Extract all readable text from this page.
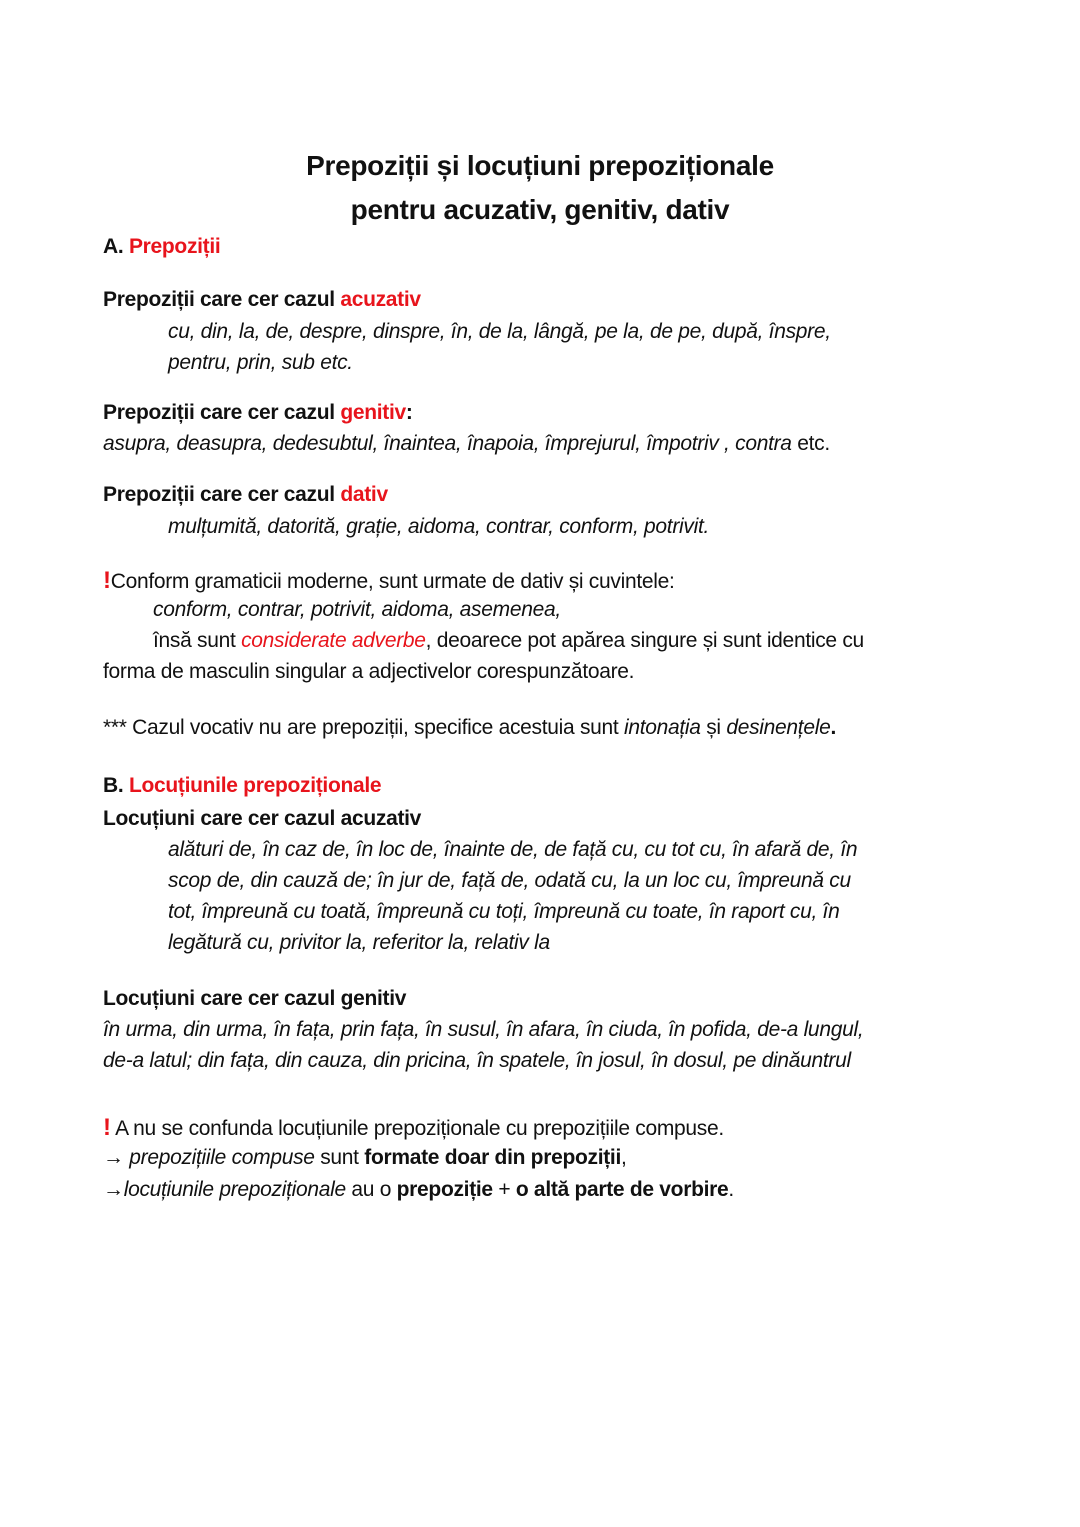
Prepoziții și locuțiuni prepoziționale
pentru acuzativ, genitiv, dativ
A. Prepoziții
Prepoziții care cer cazul acuzativ
cu, din, la, de, despre, dinspre, în, de la, lângă, pe la, de pe, după, înspre,
pentru, prin, sub etc.
Prepoziții care cer cazul genitiv:
asupra, deasupra, dedesubtul, înaintea, înapoia, împrejurul, împotriv , contra etc.
Prepoziții care cer cazul dativ
mulțumită, datorită, grație, aidoma, contrar, conform, potrivit.
!Conform gramaticii moderne, sunt urmate de dativ și cuvintele:
conform, contrar, potrivit, aidoma, asemenea,
însă sunt considerate adverbe, deoarece pot apărea singure și sunt identice cu
forma de masculin singular a adjectivelor corespunzătoare.
*** Cazul vocativ nu are prepoziții, specifice acestuia sunt intonația și desinențele.
B. Locuțiunile prepoziționale
Locuțiuni care cer cazul acuzativ
alături de, în caz de, în loc de, înainte de, de față cu, cu tot cu, în afară de, în
scop de, din cauză de; în jur de, față de, odată cu, la un loc cu, împreună cu
tot, împreună cu toată, împreună cu toți, împreună cu toate, în raport cu, în
legătură cu, privitor la, referitor la, relativ la
Locuțiuni care cer cazul genitiv
în urma, din urma, în fața, prin fața, în susul, în afara, în ciuda, în pofida, de-a lungul,
de-a latul; din fața, din cauza, din pricina, în spatele, în josul, în dosul, pe dinăuntrul
! A nu se confunda locuțiunile prepoziționale cu prepozițiile compuse.
→ prepozițiile compuse sunt formate doar din prepoziții,
→locuțiunile prepoziționale au o prepoziție + o altă parte de vorbire.
